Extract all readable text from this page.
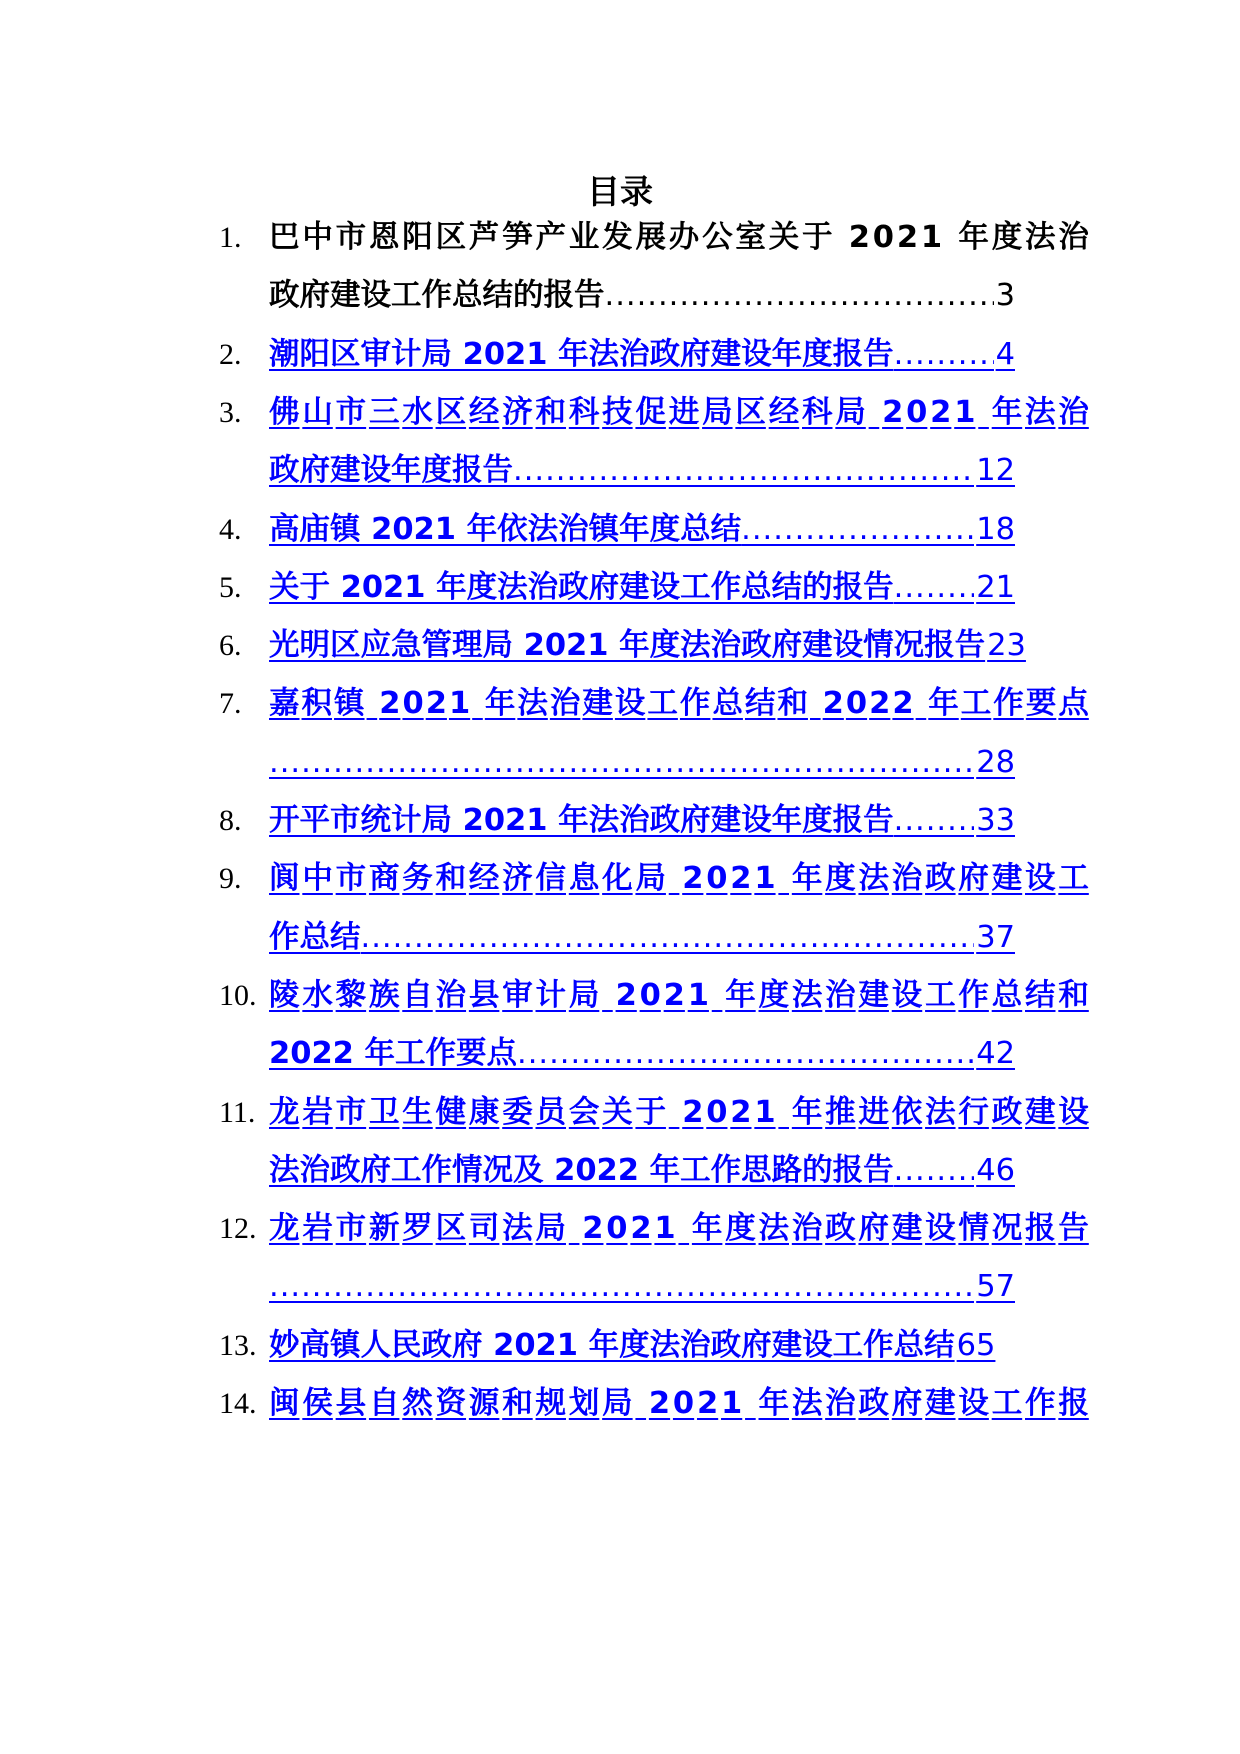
目录
1. 巴 中 市 恩 阳 区 芦 笋 产 业 发 展 办 公 室 关 于
2 0 2 1
年 度 法 治
政府建设工作总结的报告 .....	3
2. 潮阳区审计局 2021 年法治政府建设年度报告 .....	4
3. 佛 山 市 三 水 区 经 济 和 科 技 促 进 局 区 经 科 局
2 0 2 1
年 法 治
政府建设年度报告 .....	12
4. 高庙镇 2021 年依法治镇年度总结 .....	18
5. 关于 2021 年度法治政府建设工作总结的报告 .....	21
6. 光明区应急管理局 2021 年度法治政府建设情况报告 23
7. 嘉 积 镇
2 0 2 1
年 法 治 建 设 工 作 总 结 和
2 0 2 2
年 工 作 要 点
.....
28
8. 开平市统计局 2021 年法治政府建设年度报告 .....	33
9. 阆 中 市 商 务 和 经 济 信 息 化 局
2 0 2 1
年 度 法 治 政 府 建 设 工
作总结 .....	37
10. 陵 水 黎 族 自 治 县 审 计 局
2 0 2 1
年 度 法 治 建 设 工 作 总 结 和
2022 年工作要点 .....	42
11. 龙 岩 市 卫 生 健 康 委 员 会 关 于
2 0 2 1
年 推 进 依 法 行 政 建 设
法治政府工作情况及 2022 年工作思路的报告 .....	46
12. 龙 岩 市 新 罗 区 司 法 局
2 0 2 1
年 度 法 治 政 府 建 设 情 况 报 告
.....
57
13. 妙高镇人民政府 2021 年度法治政府建设工作总结 65
14. 闽 侯 县 自 然 资 源 和 规 划 局
2 0 2 1
年 法 治 政 府 建 设 工 作 报
